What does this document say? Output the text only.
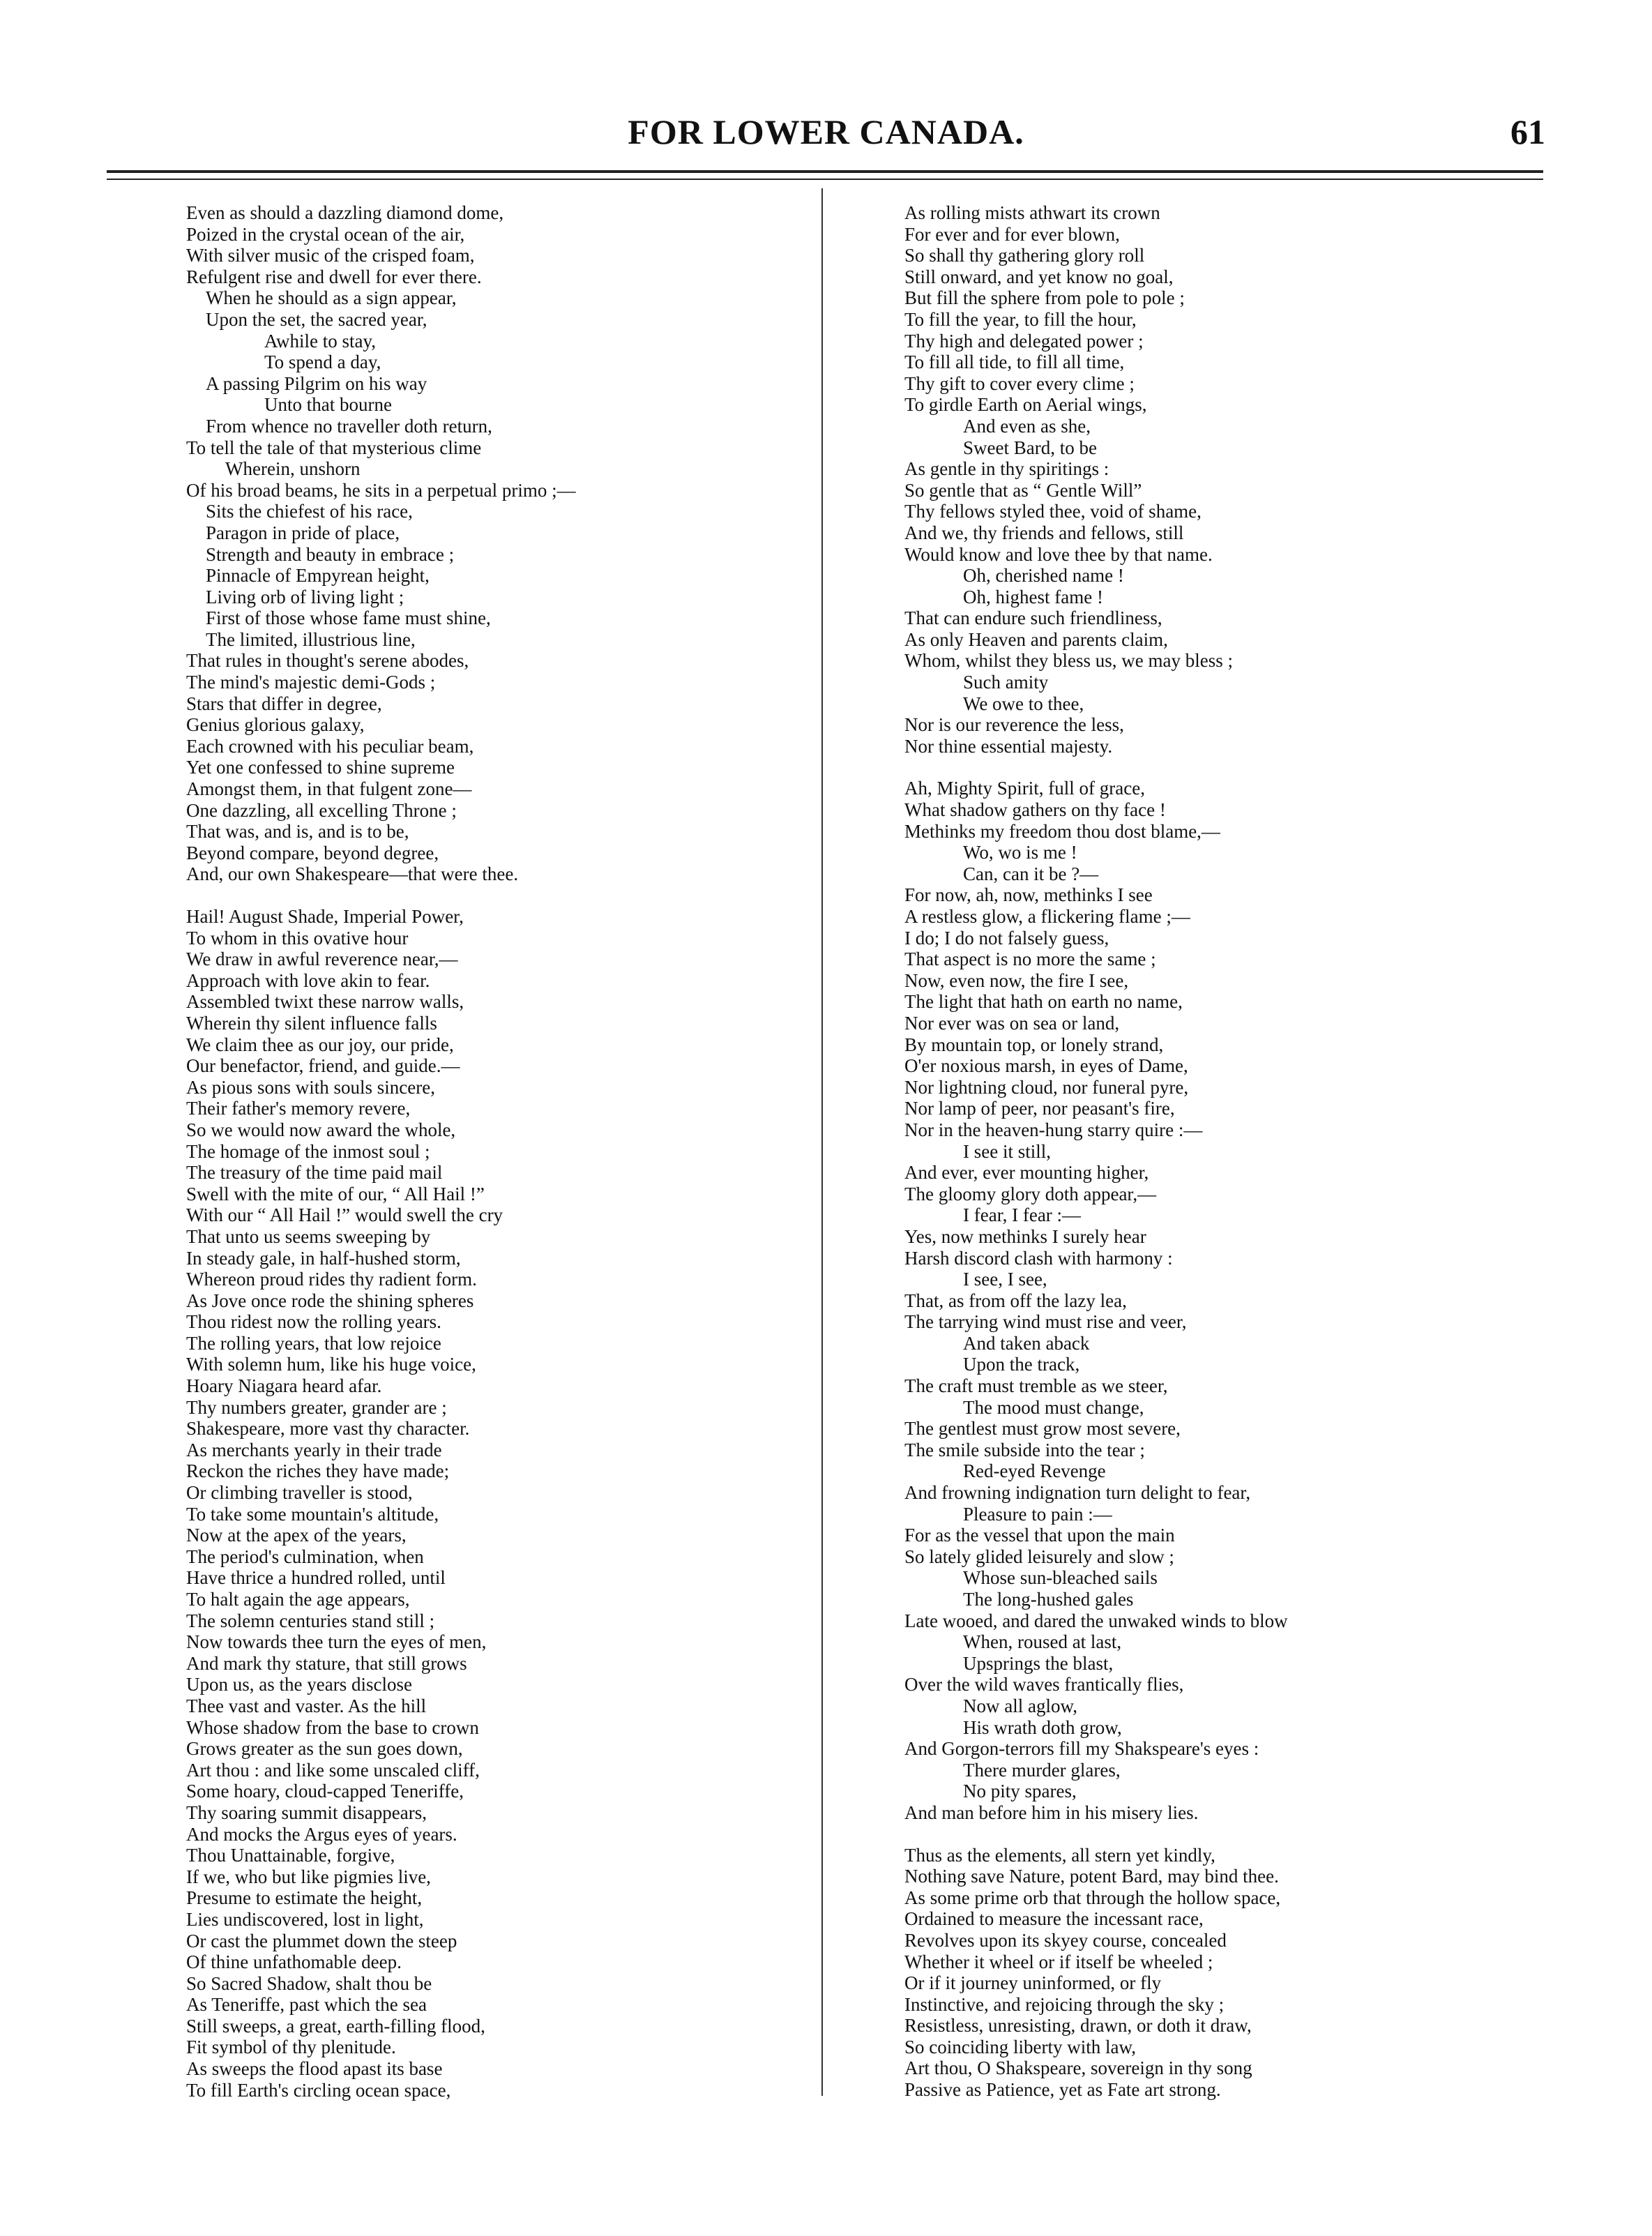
FOR LOWER CANADA.	61
Even as should a dazzling diamond dome,
Poized in the crystal ocean of the air,
With silver music of the crisped foam,
Refulgent rise and dwell for ever there.
When he should as a sign appear,
Upon the set, the sacred year,
Awhile to stay,
To spend a day,
A passing Pilgrim on his way
Unto that bourne
From whence no traveller doth return,
To tell the tale of that mysterious clime
Wherein, unshorn
Of his broad beams, he sits in a perpetual primo ;—
Sits the chiefest of his race,
Paragon in pride of place,
Strength and beauty in embrace ;
Pinnacle of Empyrean height,
Living orb of living light ;
First of those whose fame must shine,
The limited, illustrious line,
That rules in thought's serene abodes,
The mind's majestic demi-Gods ;
Stars that differ in degree,
Genius glorious galaxy,
Each crowned with his peculiar beam,
Yet one confessed to shine supreme
Amongst them, in that fulgent zone—
One dazzling, all excelling Throne ;
That was, and is, and is to be,
Beyond compare, beyond degree,
And, our own Shakespeare—that were thee.
Hail! August Shade, Imperial Power,
To whom in this ovative hour
We draw in awful reverence near,—
Approach with love akin to fear.
Assembled twixt these narrow walls,
Wherein thy silent influence falls
We claim thee as our joy, our pride,
Our benefactor, friend, and guide.—
As pious sons with souls sincere,
Their father's memory revere,
So we would now award the whole,
The homage of the inmost soul ;
The treasury of the time paid mail
Swell with the mite of our, “ All Hail !”
With our “ All Hail !” would swell the cry
That unto us seems sweeping by
In steady gale, in half-hushed storm,
Whereon proud rides thy radient form.
As Jove once rode the shining spheres
Thou ridest now the rolling years.
The rolling years, that low rejoice
With solemn hum, like his huge voice,
Hoary Niagara heard afar.
Thy numbers greater, grander are ;
Shakespeare, more vast thy character.
As merchants yearly in their trade
Reckon the riches they have made;
Or climbing traveller is stood,
To take some mountain's altitude,
Now at the apex of the years,
The period's culmination, when
Have thrice a hundred rolled, until
To halt again the age appears,
The solemn centuries stand still ;
Now towards thee turn the eyes of men,
And mark thy stature, that still grows
Upon us, as the years disclose
Thee vast and vaster. As the hill
Whose shadow from the base to crown
Grows greater as the sun goes down,
Art thou : and like some unscaled cliff,
Some hoary, cloud-capped Teneriffe,
Thy soaring summit disappears,
And mocks the Argus eyes of years.
Thou Unattainable, forgive,
If we, who but like pigmies live,
Presume to estimate the height,
Lies undiscovered, lost in light,
Or cast the plummet down the steep
Of thine unfathomable deep.
So Sacred Shadow, shalt thou be
As Teneriffe, past which the sea
Still sweeps, a great, earth-filling flood,
Fit symbol of thy plenitude.
As sweeps the flood apast its base
To fill Earth's circling ocean space,
As rolling mists athwart its crown
For ever and for ever blown,
So shall thy gathering glory roll
Still onward, and yet know no goal,
But fill the sphere from pole to pole ;
To fill the year, to fill the hour,
Thy high and delegated power ;
To fill all tide, to fill all time,
Thy gift to cover every clime ;
To girdle Earth on Aerial wings,
And even as she,
Sweet Bard, to be
As gentle in thy spiritings :
So gentle that as “ Gentle Will”
Thy fellows styled thee, void of shame,
And we, thy friends and fellows, still
Would know and love thee by that name.
Oh, cherished name !
Oh, highest fame !
That can endure such friendliness,
As only Heaven and parents claim,
Whom, whilst they bless us, we may bless ;
Such amity
We owe to thee,
Nor is our reverence the less,
Nor thine essential majesty.
Ah, Mighty Spirit, full of grace,
What shadow gathers on thy face !
Methinks my freedom thou dost blame,—
Wo, wo is me !
Can, can it be ?—
For now, ah, now, methinks I see
A restless glow, a flickering flame ;—
I do; I do not falsely guess,
That aspect is no more the same ;
Now, even now, the fire I see,
The light that hath on earth no name,
Nor ever was on sea or land,
By mountain top, or lonely strand,
O'er noxious marsh, in eyes of Dame,
Nor lightning cloud, nor funeral pyre,
Nor lamp of peer, nor peasant's fire,
Nor in the heaven-hung starry quire :—
I see it still,
And ever, ever mounting higher,
The gloomy glory doth appear,—
I fear, I fear :—
Yes, now methinks I surely hear
Harsh discord clash with harmony :
I see, I see,
That, as from off the lazy lea,
The tarrying wind must rise and veer,
And taken aback
Upon the track,
The craft must tremble as we steer,
The mood must change,
The gentlest must grow most severe,
The smile subside into the tear ;
Red-eyed Revenge
And frowning indignation turn delight to fear,
Pleasure to pain :—
For as the vessel that upon the main
So lately glided leisurely and slow ;
Whose sun-bleached sails
The long-hushed gales
Late wooed, and dared the unwaked winds to blow
When, roused at last,
Upsprings the blast,
Over the wild waves frantically flies,
Now all aglow,
His wrath doth grow,
And Gorgon-terrors fill my Shakspeare's eyes :
There murder glares,
No pity spares,
And man before him in his misery lies.
Thus as the elements, all stern yet kindly,
Nothing save Nature, potent Bard, may bind thee.
As some prime orb that through the hollow space,
Ordained to measure the incessant race,
Revolves upon its skyey course, concealed
Whether it wheel or if itself be wheeled ;
Or if it journey uninformed, or fly
Instinctive, and rejoicing through the sky ;
Resistless, unresisting, drawn, or doth it draw,
So coinciding liberty with law,
Art thou, O Shakspeare, sovereign in thy song
Passive as Patience, yet as Fate art strong.
